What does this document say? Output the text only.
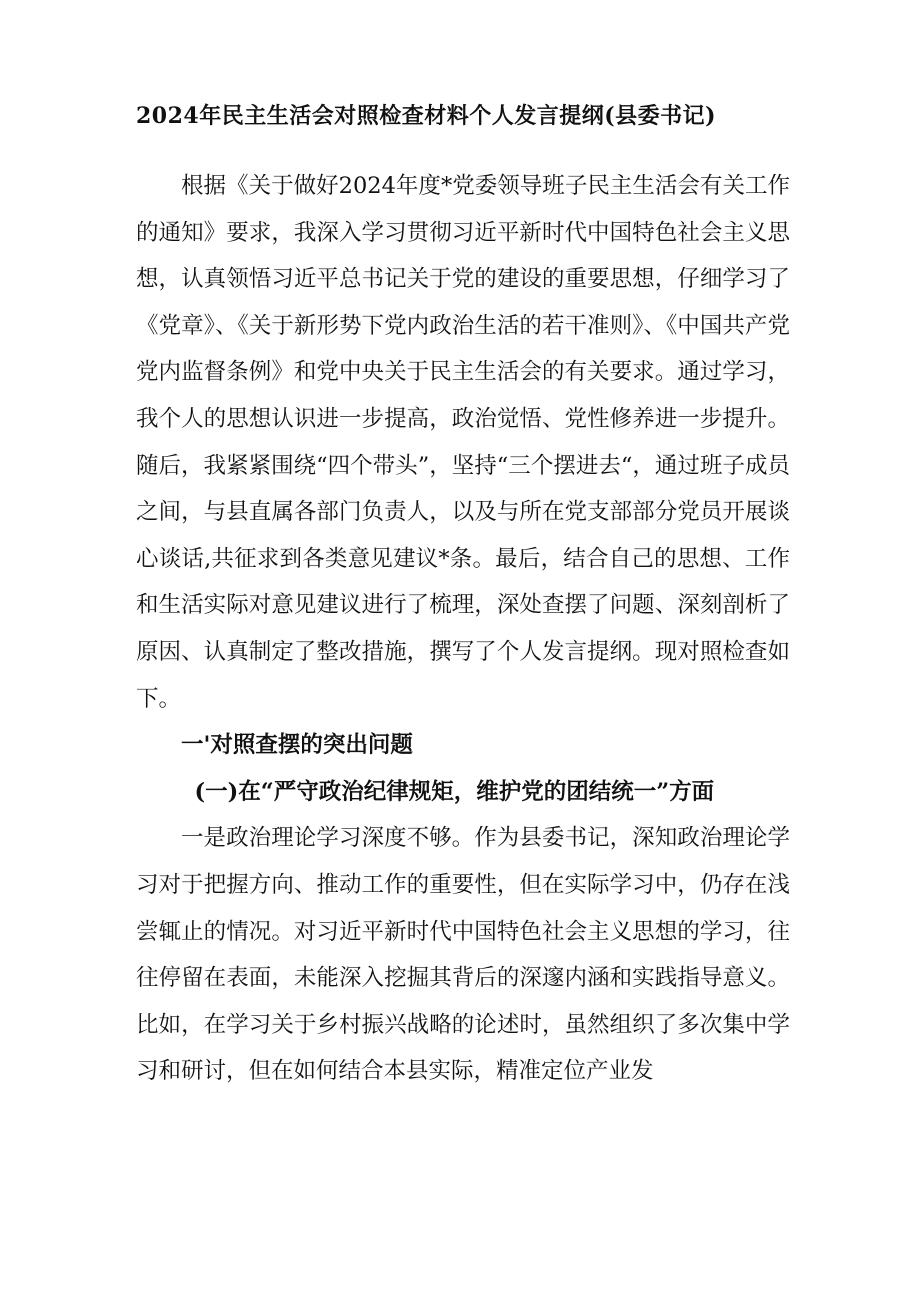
2024年民主生活会对照检查材料个人发言提纲(县委书记)

根据《关于做好2024年度*党委领导班子民主生活会有关工作的通知》要求，我深入学习贯彻习近平新时代中国特色社会主义思想，认真领悟习近平总书记关于党的建设的重要思想，仔细学习了《党章》、《关于新形势下党内政治生活的若干准则》、《中国共产党党内监督条例》和党中央关于民主生活会的有关要求。通过学习，我个人的思想认识进一步提高，政治觉悟、党性修养进一步提升。随后，我紧紧围绕“四个带头”，坚持“三个摆进去“，通过班子成员之间，与县直属各部门负责人，以及与所在党支部部分党员开展谈心谈话,共征求到各类意见建议*条。最后，结合自己的思想、工作和生活实际对意见建议进行了梳理，深处查摆了问题、深刻剖析了原因、认真制定了整改措施，撰写了个人发言提纲。现对照检查如下。

一'对照查摆的突出问题

(一)在“严守政治纪律规矩，维护党的团结统一”方面

一是政治理论学习深度不够。作为县委书记，深知政治理论学习对于把握方向、推动工作的重要性，但在实际学习中，仍存在浅尝辄止的情况。对习近平新时代中国特色社会主义思想的学习，往往停留在表面，未能深入挖掘其背后的深邃内涵和实践指导意义。比如，在学习关于乡村振兴战略的论述时，虽然组织了多次集中学习和研讨，但在如何结合本县实际，精准定位产业发
